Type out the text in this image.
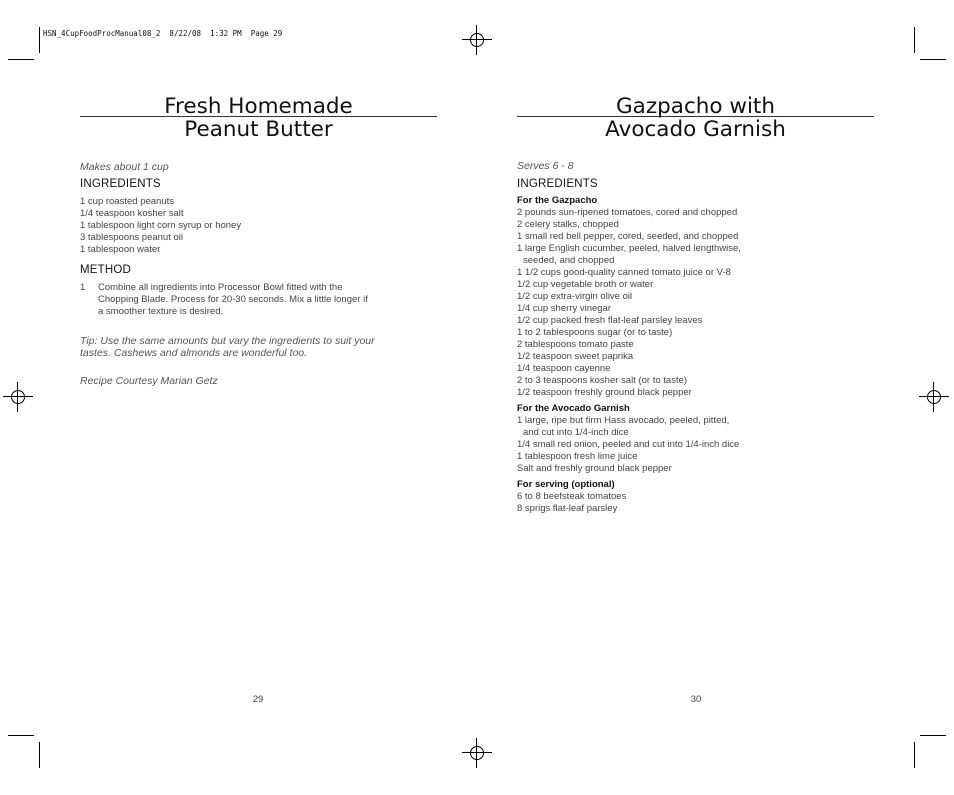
HSN_4CupFoodProcManual08_2  8/22/08  1:32 PM  Page 29
Fresh Homemade
Peanut Butter
Makes about 1 cup
INGREDIENTS
1 cup roasted peanuts
1/4 teaspoon kosher salt
1 tablespoon light corn syrup or honey
3 tablespoons peanut oil
1 tablespoon water
METHOD
1	Combine all ingredients into Processor Bowl fitted with the
Chopping Blade. Process for 20-30 seconds. Mix a little longer if
a smoother texture is desired.
Tip: Use the same amounts but vary the ingredients to suit your
tastes. Cashews and almonds are wonderful too.
Recipe Courtesy Marian Getz
29
Gazpacho with
Avocado Garnish
Serves 6 - 8
INGREDIENTS
For the Gazpacho
2 pounds sun-ripened tomatoes, cored and chopped
2 celery stalks, chopped
1 small red bell pepper, cored, seeded, and chopped
1 large English cucumber, peeled, halved lengthwise,
seeded, and chopped
1 1/2 cups good-quality canned tomato juice or V-8
1/2 cup vegetable broth or water
1/2 cup extra-virgin olive oil
1/4 cup sherry vinegar
1/2 cup packed fresh flat-leaf parsley leaves
1 to 2 tablespoons sugar (or to taste)
2 tablespoons tomato paste
1/2 teaspoon sweet paprika
1/4 teaspoon cayenne
2 to 3 teaspoons kosher salt (or to taste)
1/2 teaspoon freshly ground black pepper
For the Avocado Garnish
1 large, ripe but firm Hass avocado, peeled, pitted,
and cut into 1/4-inch dice
1/4 small red onion, peeled and cut into 1/4-inch dice
1 tablespoon fresh lime juice
Salt and freshly ground black pepper
For serving (optional)
6 to 8 beefsteak tomatoes
8 sprigs flat-leaf parsley
30
